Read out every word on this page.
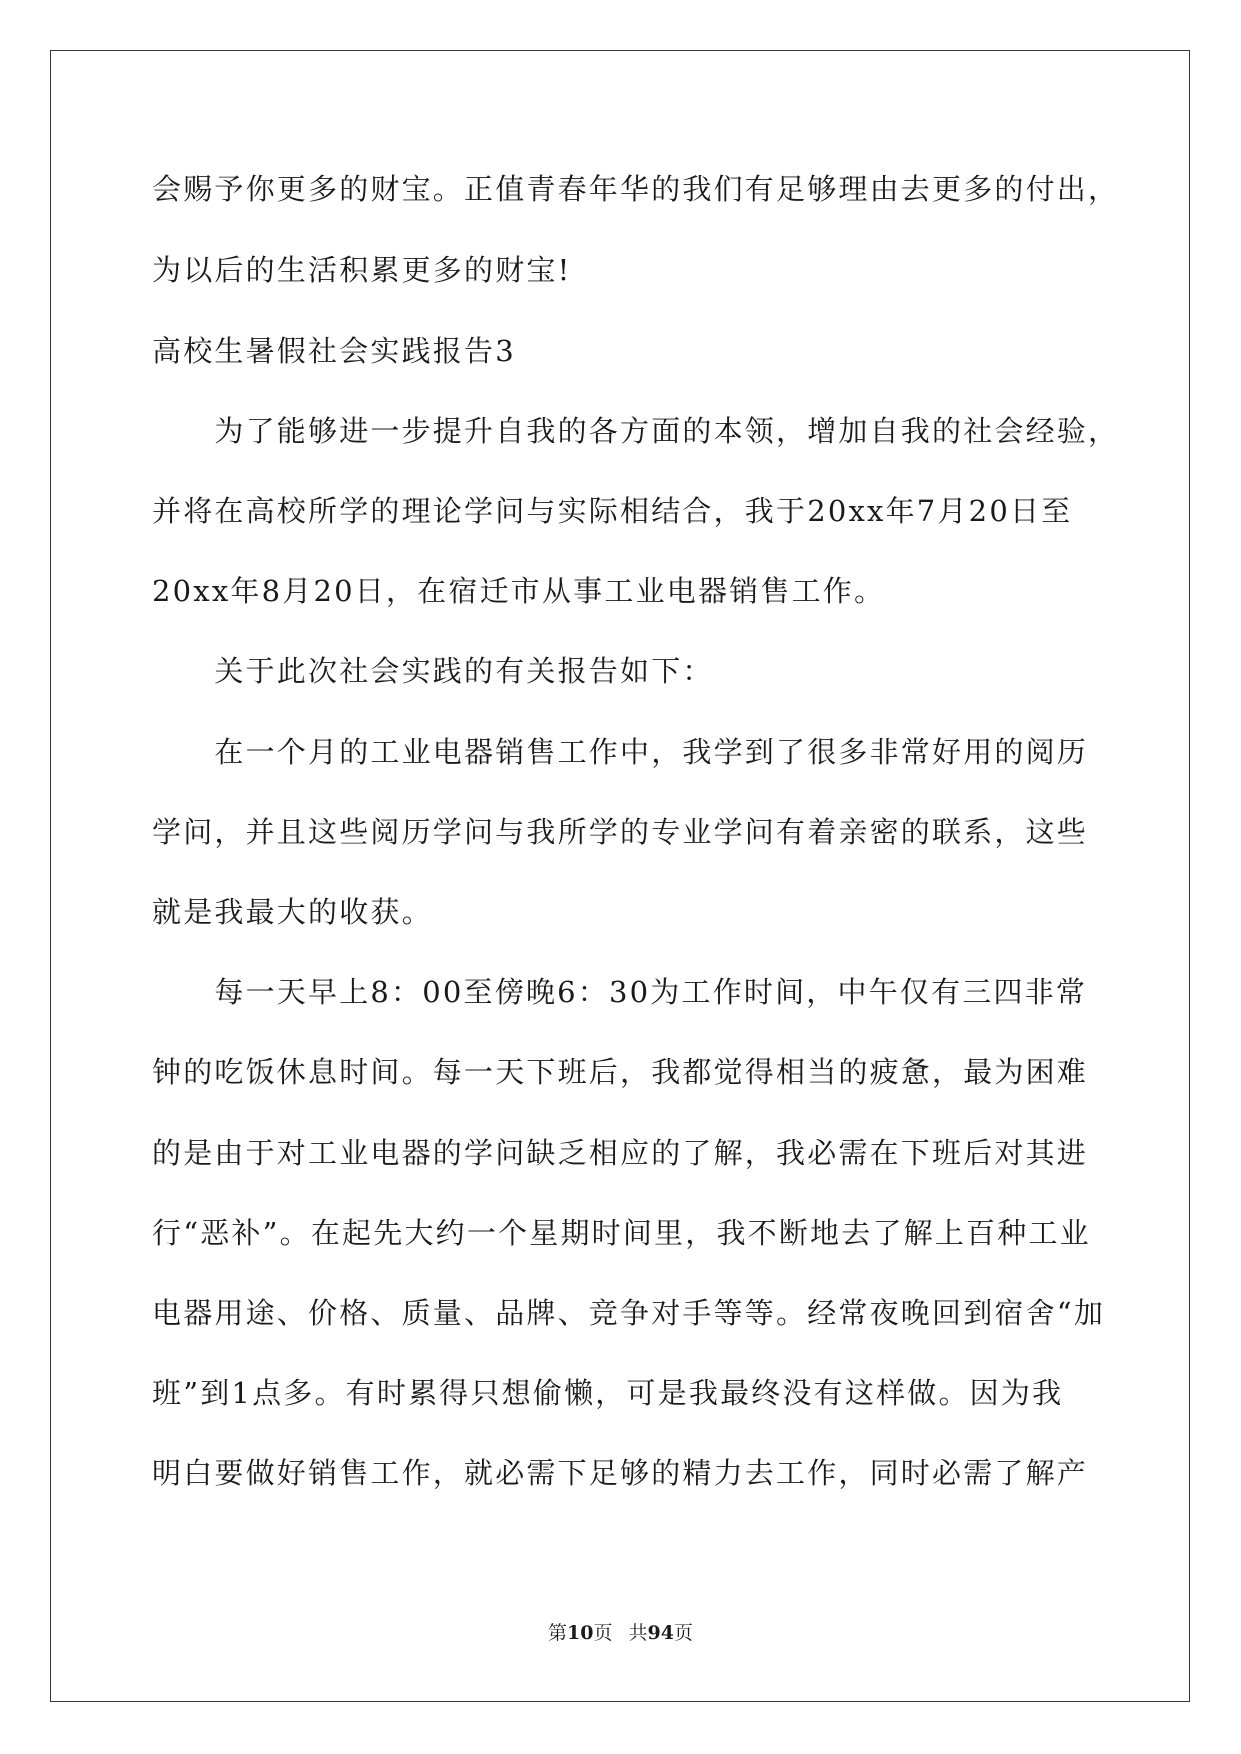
会赐予你更多的财宝。正值青春年华的我们有足够理由去更多的付出，
为以后的生活积累更多的财宝!
高校生暑假社会实践报告3
　　为了能够进一步提升自我的各方面的本领，增加自我的社会经验，
并将在高校所学的理论学问与实际相结合，我于20xx年7月20日至
20xx年8月20日，在宿迁市从事工业电器销售工作。
　　关于此次社会实践的有关报告如下：
　　在一个月的工业电器销售工作中，我学到了很多非常好用的阅历
学问，并且这些阅历学问与我所学的专业学问有着亲密的联系，这些
就是我最大的收获。
　　每一天早上8：00至傍晚6：30为工作时间，中午仅有三四非常
钟的吃饭休息时间。每一天下班后，我都觉得相当的疲惫，最为困难
的是由于对工业电器的学问缺乏相应的了解，我必需在下班后对其进
行“恶补”。在起先大约一个星期时间里，我不断地去了解上百种工业
电器用途、价格、质量、品牌、竞争对手等等。经常夜晚回到宿舍“加
班”到1点多。有时累得只想偷懒，可是我最终没有这样做。因为我
明白要做好销售工作，就必需下足够的精力去工作，同时必需了解产
第10页 共94页
